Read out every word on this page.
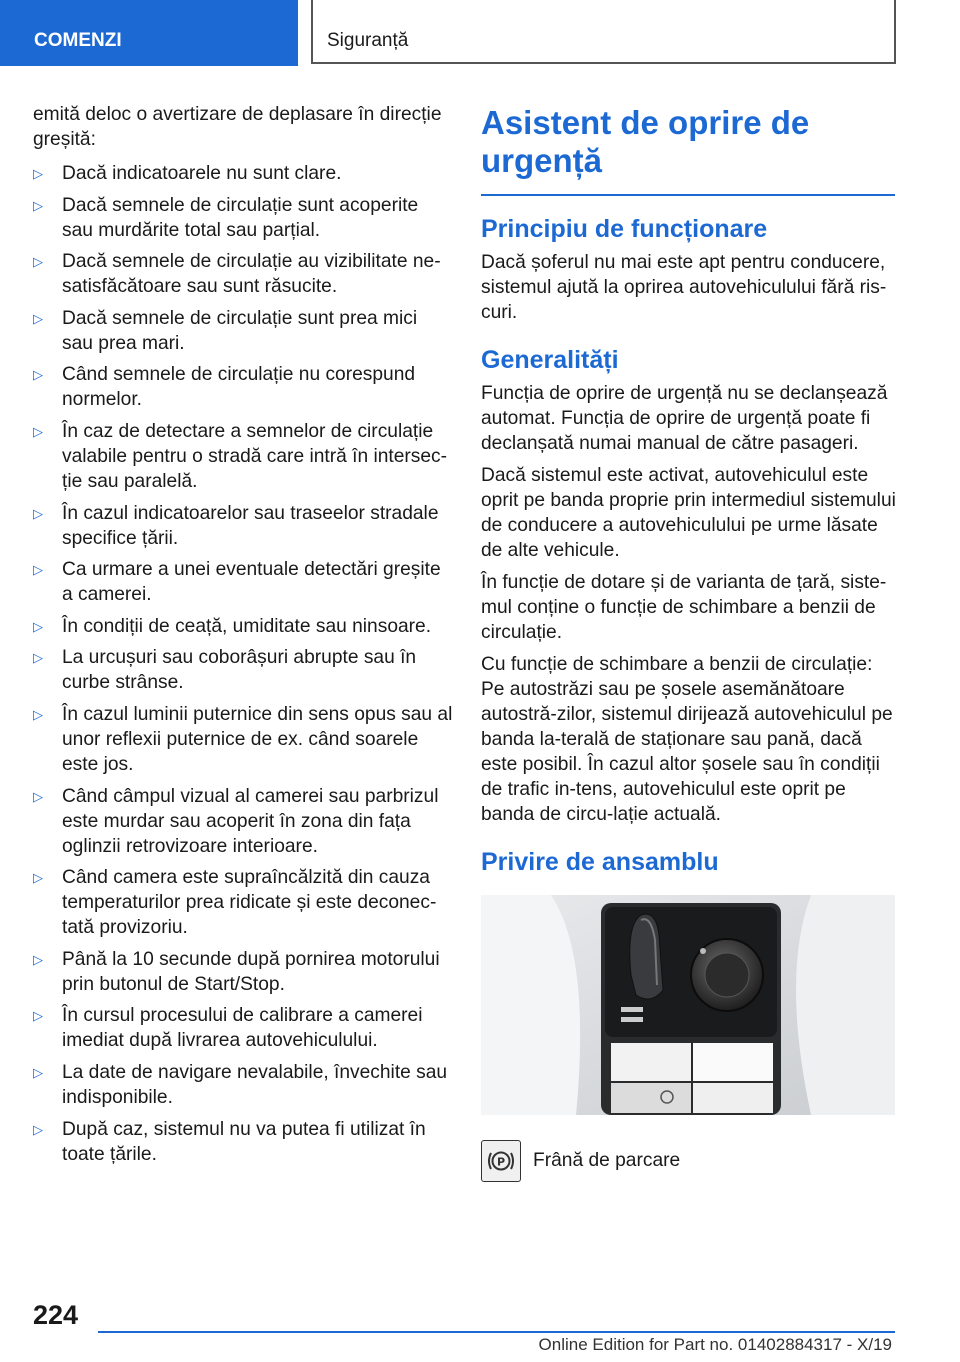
COMENZI	Siguranță

emită deloc o avertizare de deplasare în direcție greșită:

▷ Dacă indicatoarele nu sunt clare.
▷ Dacă semnele de circulație sunt acoperite sau murdărite total sau parțial.
▷ Dacă semnele de circulație au vizibilitate ne-satisfăcătoare sau sunt răsucite.
▷ Dacă semnele de circulație sunt prea mici sau prea mari.
▷ Când semnele de circulație nu corespund normelor.
▷ În caz de detectare a semnelor de circulație valabile pentru o stradă care intră în intersec-ție sau paralelă.
▷ În cazul indicatoarelor sau traseelor stradale specifice țării.
▷ Ca urmare a unei eventuale detectări greșite a camerei.
▷ În condiții de ceață, umiditate sau ninsoare.
▷ La urcușuri sau coborâșuri abrupte sau în curbe strânse.
▷ În cazul luminii puternice din sens opus sau al unor reflexii puternice de ex. când soarele este jos.
▷ Când câmpul vizual al camerei sau parbrizul este murdar sau acoperit în zona din fața oglinzii retrovizoare interioare.
▷ Când camera este supraîncălzită din cauza temperaturilor prea ridicate și este deconec-tată provizoriu.
▷ Până la 10 secunde după pornirea motorului prin butonul de Start/Stop.
▷ În cursul procesului de calibrare a camerei imediat după livrarea autovehiculului.
▷ La date de navigare nevalabile, învechite sau indisponibile.
▷ După caz, sistemul nu va putea fi utilizat în toate țările.
Asistent de oprire de urgență
Principiu de funcționare

Dacă șoferul nu mai este apt pentru conducere, sistemul ajută la oprirea autovehiculului fără ris-curi.

Generalități

Funcția de oprire de urgență nu se declanșează automat. Funcția de oprire de urgență poate fi declanșată numai manual de către pasageri.

Dacă sistemul este activat, autovehiculul este oprit pe banda proprie prin intermediul sistemului de conducere a autovehiculului pe urme lăsate de alte vehicule.

În funcție de dotare și de varianta de țară, siste-mul conține o funcție de schimbare a benzii de circulație.

Cu funcție de schimbare a benzii de circulație: Pe autostrăzi sau pe șosele asemănătoare autostră-zilor, sistemul dirijează autovehiculul pe banda la-terală de staționare sau pană, dacă este posibil. În cazul altor șosele sau în condiții de trafic in-tens, autovehiculul este oprit pe banda de circu-lație actuală.

Privire de ansamblu
P Frână de parcare
224
Online Edition for Part no. 01402884317 - X/19
